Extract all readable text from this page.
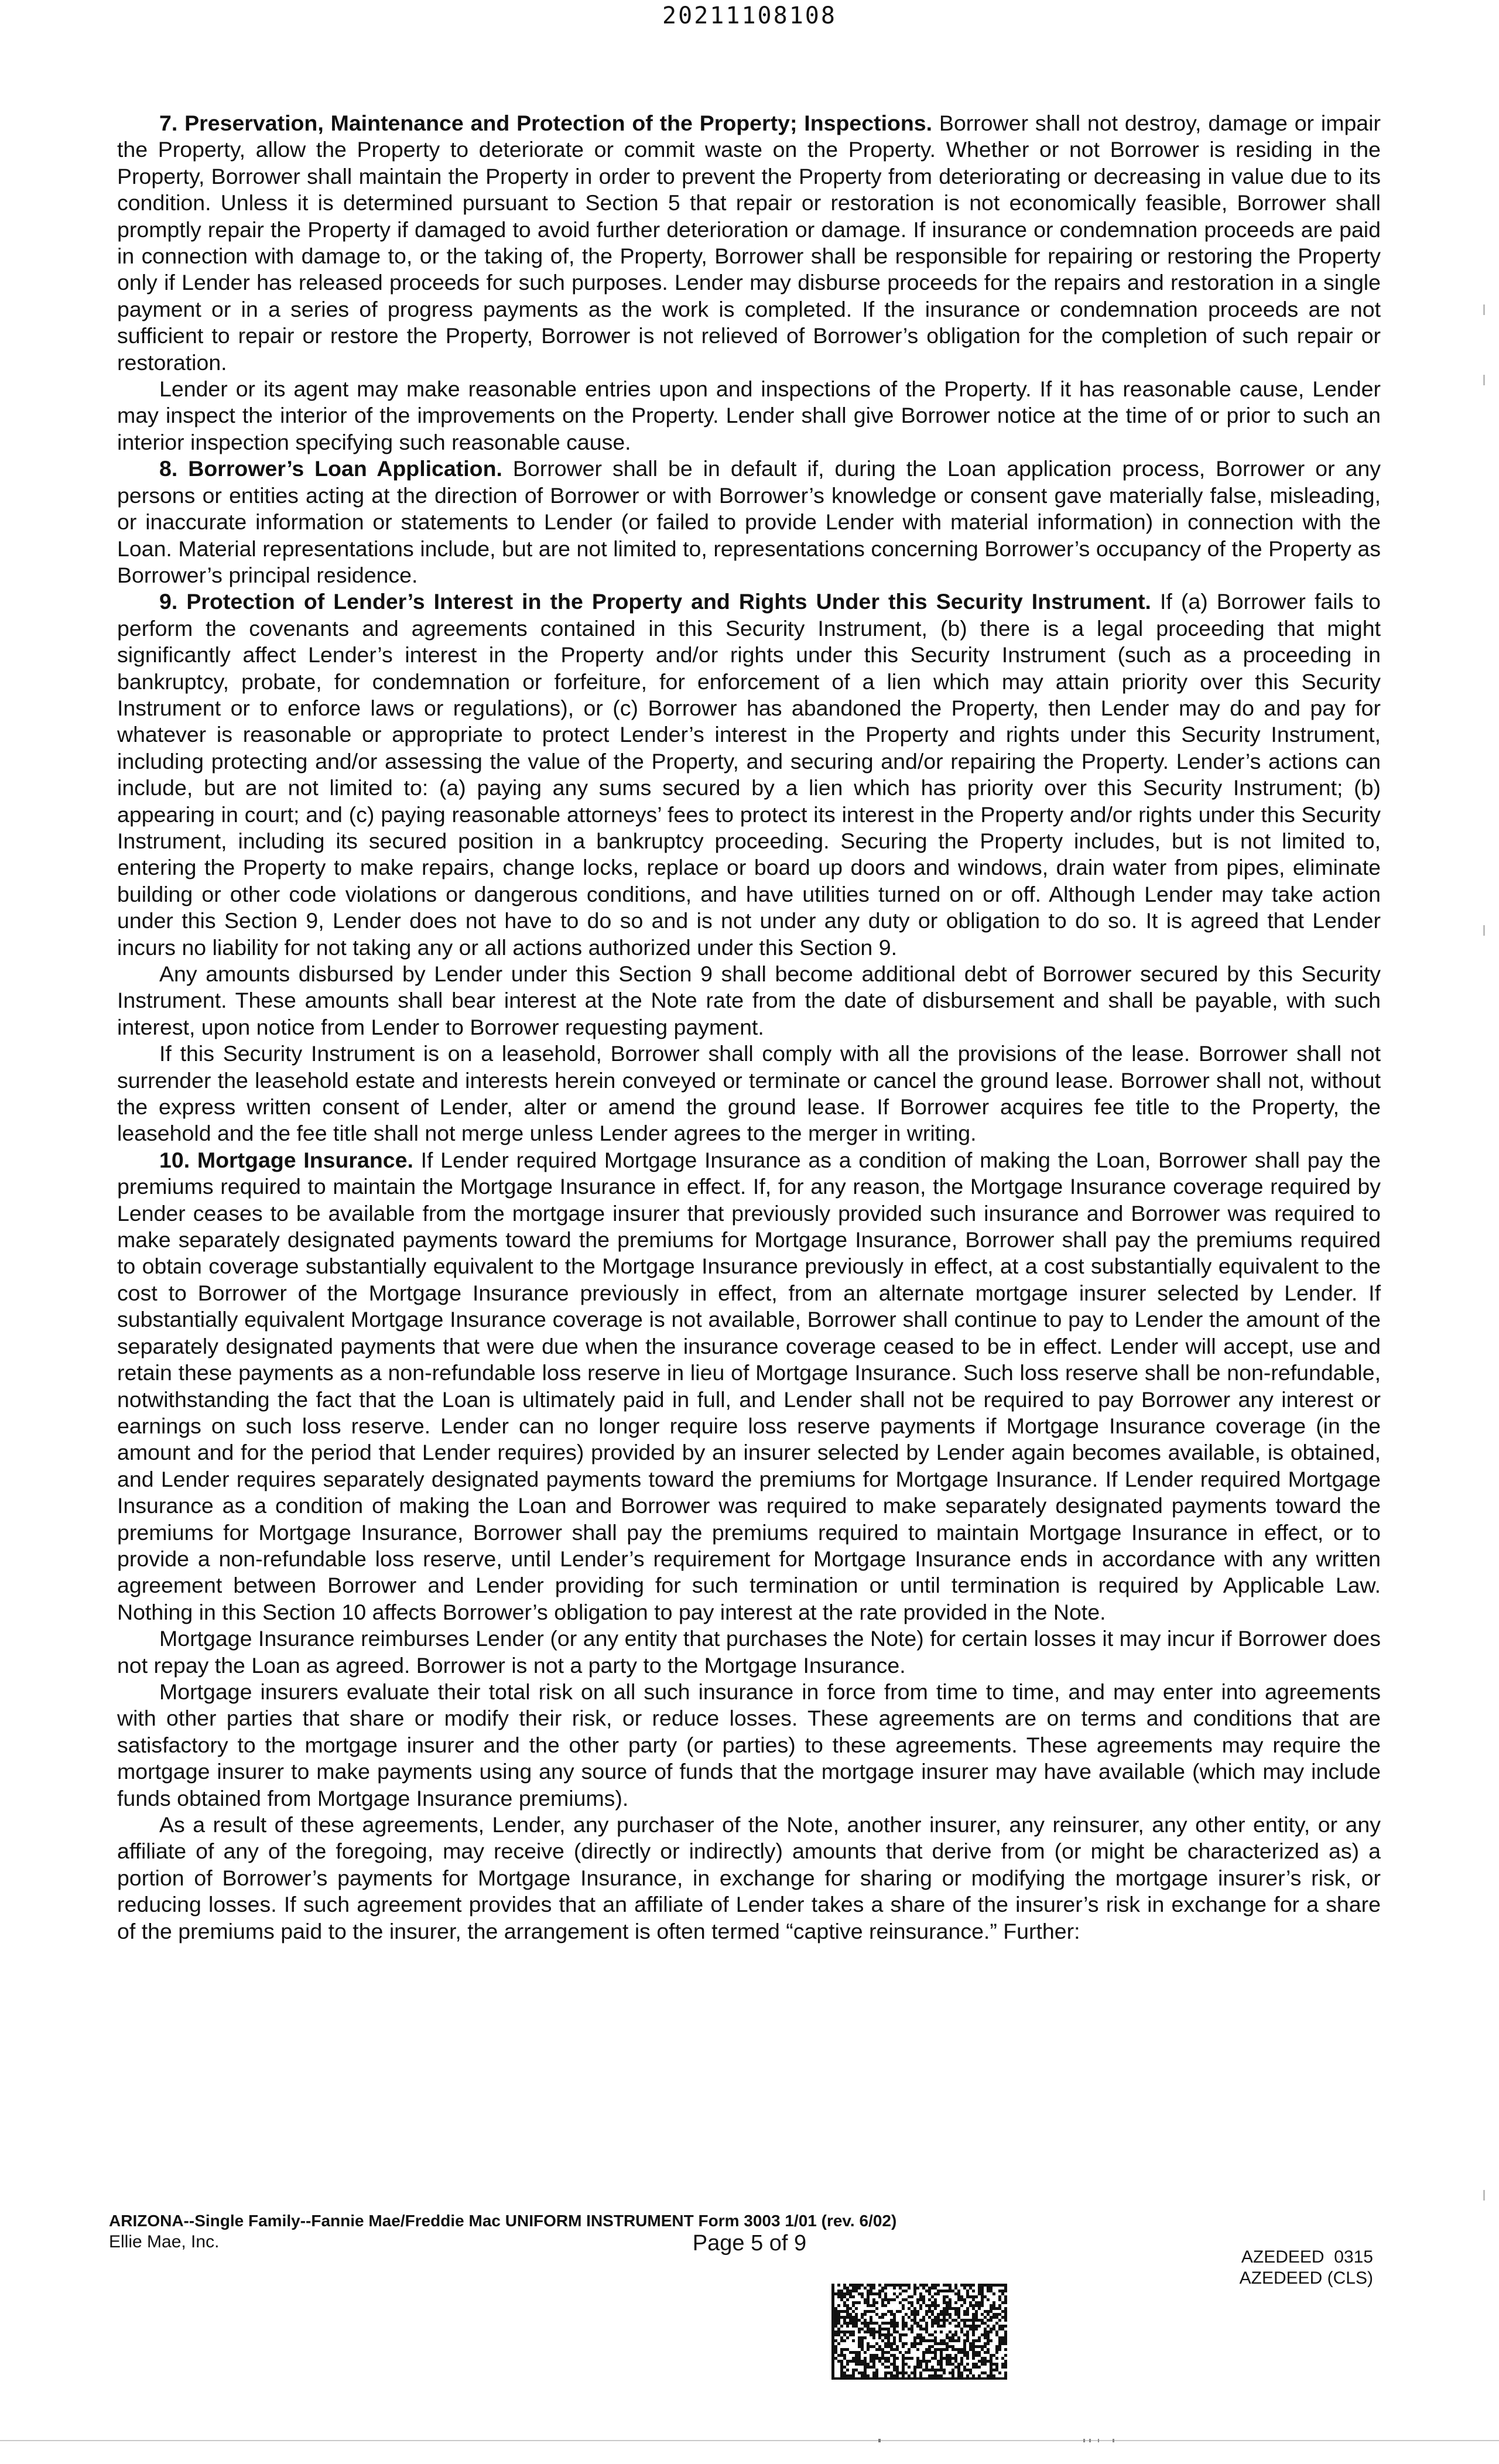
20211108108

7. Preservation, Maintenance and Protection of the Property; Inspections. Borrower shall not destroy, damage or impair the Property, allow the Property to deteriorate or commit waste on the Property. Whether or not Borrower is residing in the Property, Borrower shall maintain the Property in order to prevent the Property from deteriorating or decreasing in value due to its condition. Unless it is determined pursuant to Section 5 that repair or restoration is not economically feasible, Borrower shall promptly repair the Property if damaged to avoid further deterioration or damage. If insurance or condemnation proceeds are paid in connection with damage to, or the taking of, the Property, Borrower shall be responsible for repairing or restoring the Property only if Lender has released proceeds for such purposes. Lender may disburse proceeds for the repairs and restoration in a single payment or in a series of progress payments as the work is completed. If the insurance or condemnation proceeds are not sufficient to repair or restore the Property, Borrower is not relieved of Borrower’s obligation for the completion of such repair or restoration.

Lender or its agent may make reasonable entries upon and inspections of the Property. If it has reasonable cause, Lender may inspect the interior of the improvements on the Property. Lender shall give Borrower notice at the time of or prior to such an interior inspection specifying such reasonable cause.

8. Borrower’s Loan Application. Borrower shall be in default if, during the Loan application process, Borrower or any persons or entities acting at the direction of Borrower or with Borrower’s knowledge or consent gave materially false, misleading, or inaccurate information or statements to Lender (or failed to provide Lender with material information) in connection with the Loan. Material representations include, but are not limited to, representations concerning Borrower’s occupancy of the Property as Borrower’s principal residence.

9. Protection of Lender’s Interest in the Property and Rights Under this Security Instrument. If (a) Borrower fails to perform the covenants and agreements contained in this Security Instrument, (b) there is a legal proceeding that might significantly affect Lender’s interest in the Property and/or rights under this Security Instrument (such as a proceeding in bankruptcy, probate, for condemnation or forfeiture, for enforcement of a lien which may attain priority over this Security Instrument or to enforce laws or regulations), or (c) Borrower has abandoned the Property, then Lender may do and pay for whatever is reasonable or appropriate to protect Lender’s interest in the Property and rights under this Security Instrument, including protecting and/or assessing the value of the Property, and securing and/or repairing the Property. Lender’s actions can include, but are not limited to: (a) paying any sums secured by a lien which has priority over this Security Instrument; (b) appearing in court; and (c) paying reasonable attorneys’ fees to protect its interest in the Property and/or rights under this Security Instrument, including its secured position in a bankruptcy proceeding. Securing the Property includes, but is not limited to, entering the Property to make repairs, change locks, replace or board up doors and windows, drain water from pipes, eliminate building or other code violations or dangerous conditions, and have utilities turned on or off. Although Lender may take action under this Section 9, Lender does not have to do so and is not under any duty or obligation to do so. It is agreed that Lender incurs no liability for not taking any or all actions authorized under this Section 9.

Any amounts disbursed by Lender under this Section 9 shall become additional debt of Borrower secured by this Security Instrument. These amounts shall bear interest at the Note rate from the date of disbursement and shall be payable, with such interest, upon notice from Lender to Borrower requesting payment.

If this Security Instrument is on a leasehold, Borrower shall comply with all the provisions of the lease. Borrower shall not surrender the leasehold estate and interests herein conveyed or terminate or cancel the ground lease. Borrower shall not, without the express written consent of Lender, alter or amend the ground lease. If Borrower acquires fee title to the Property, the leasehold and the fee title shall not merge unless Lender agrees to the merger in writing.

10. Mortgage Insurance. If Lender required Mortgage Insurance as a condition of making the Loan, Borrower shall pay the premiums required to maintain the Mortgage Insurance in effect. If, for any reason, the Mortgage Insurance coverage required by Lender ceases to be available from the mortgage insurer that previously provided such insurance and Borrower was required to make separately designated payments toward the premiums for Mortgage Insurance, Borrower shall pay the premiums required to obtain coverage substantially equivalent to the Mortgage Insurance previously in effect, at a cost substantially equivalent to the cost to Borrower of the Mortgage Insurance previously in effect, from an alternate mortgage insurer selected by Lender. If substantially equivalent Mortgage Insurance coverage is not available, Borrower shall continue to pay to Lender the amount of the separately designated payments that were due when the insurance coverage ceased to be in effect. Lender will accept, use and retain these payments as a non-refundable loss reserve in lieu of Mortgage Insurance. Such loss reserve shall be non-refundable, notwithstanding the fact that the Loan is ultimately paid in full, and Lender shall not be required to pay Borrower any interest or earnings on such loss reserve. Lender can no longer require loss reserve payments if Mortgage Insurance coverage (in the amount and for the period that Lender requires) provided by an insurer selected by Lender again becomes available, is obtained, and Lender requires separately designated payments toward the premiums for Mortgage Insurance. If Lender required Mortgage Insurance as a condition of making the Loan and Borrower was required to make separately designated payments toward the premiums for Mortgage Insurance, Borrower shall pay the premiums required to maintain Mortgage Insurance in effect, or to provide a non-refundable loss reserve, until Lender’s requirement for Mortgage Insurance ends in accordance with any written agreement between Borrower and Lender providing for such termination or until termination is required by Applicable Law. Nothing in this Section 10 affects Borrower’s obligation to pay interest at the rate provided in the Note.

Mortgage Insurance reimburses Lender (or any entity that purchases the Note) for certain losses it may incur if Borrower does not repay the Loan as agreed. Borrower is not a party to the Mortgage Insurance.

Mortgage insurers evaluate their total risk on all such insurance in force from time to time, and may enter into agreements with other parties that share or modify their risk, or reduce losses. These agreements are on terms and conditions that are satisfactory to the mortgage insurer and the other party (or parties) to these agreements. These agreements may require the mortgage insurer to make payments using any source of funds that the mortgage insurer may have available (which may include funds obtained from Mortgage Insurance premiums).

As a result of these agreements, Lender, any purchaser of the Note, another insurer, any reinsurer, any other entity, or any affiliate of any of the foregoing, may receive (directly or indirectly) amounts that derive from (or might be characterized as) a portion of Borrower’s payments for Mortgage Insurance, in exchange for sharing or modifying the mortgage insurer’s risk, or reducing losses. If such agreement provides that an affiliate of Lender takes a share of the insurer’s risk in exchange for a share of the premiums paid to the insurer, the arrangement is often termed “captive reinsurance.” Further:

ARIZONA--Single Family--Fannie Mae/Freddie Mac UNIFORM INSTRUMENT Form 3003 1/01 (rev. 6/02)
Ellie Mae, Inc.	Page 5 of 9
AZEDEED  0315
AZEDEED (CLS)
